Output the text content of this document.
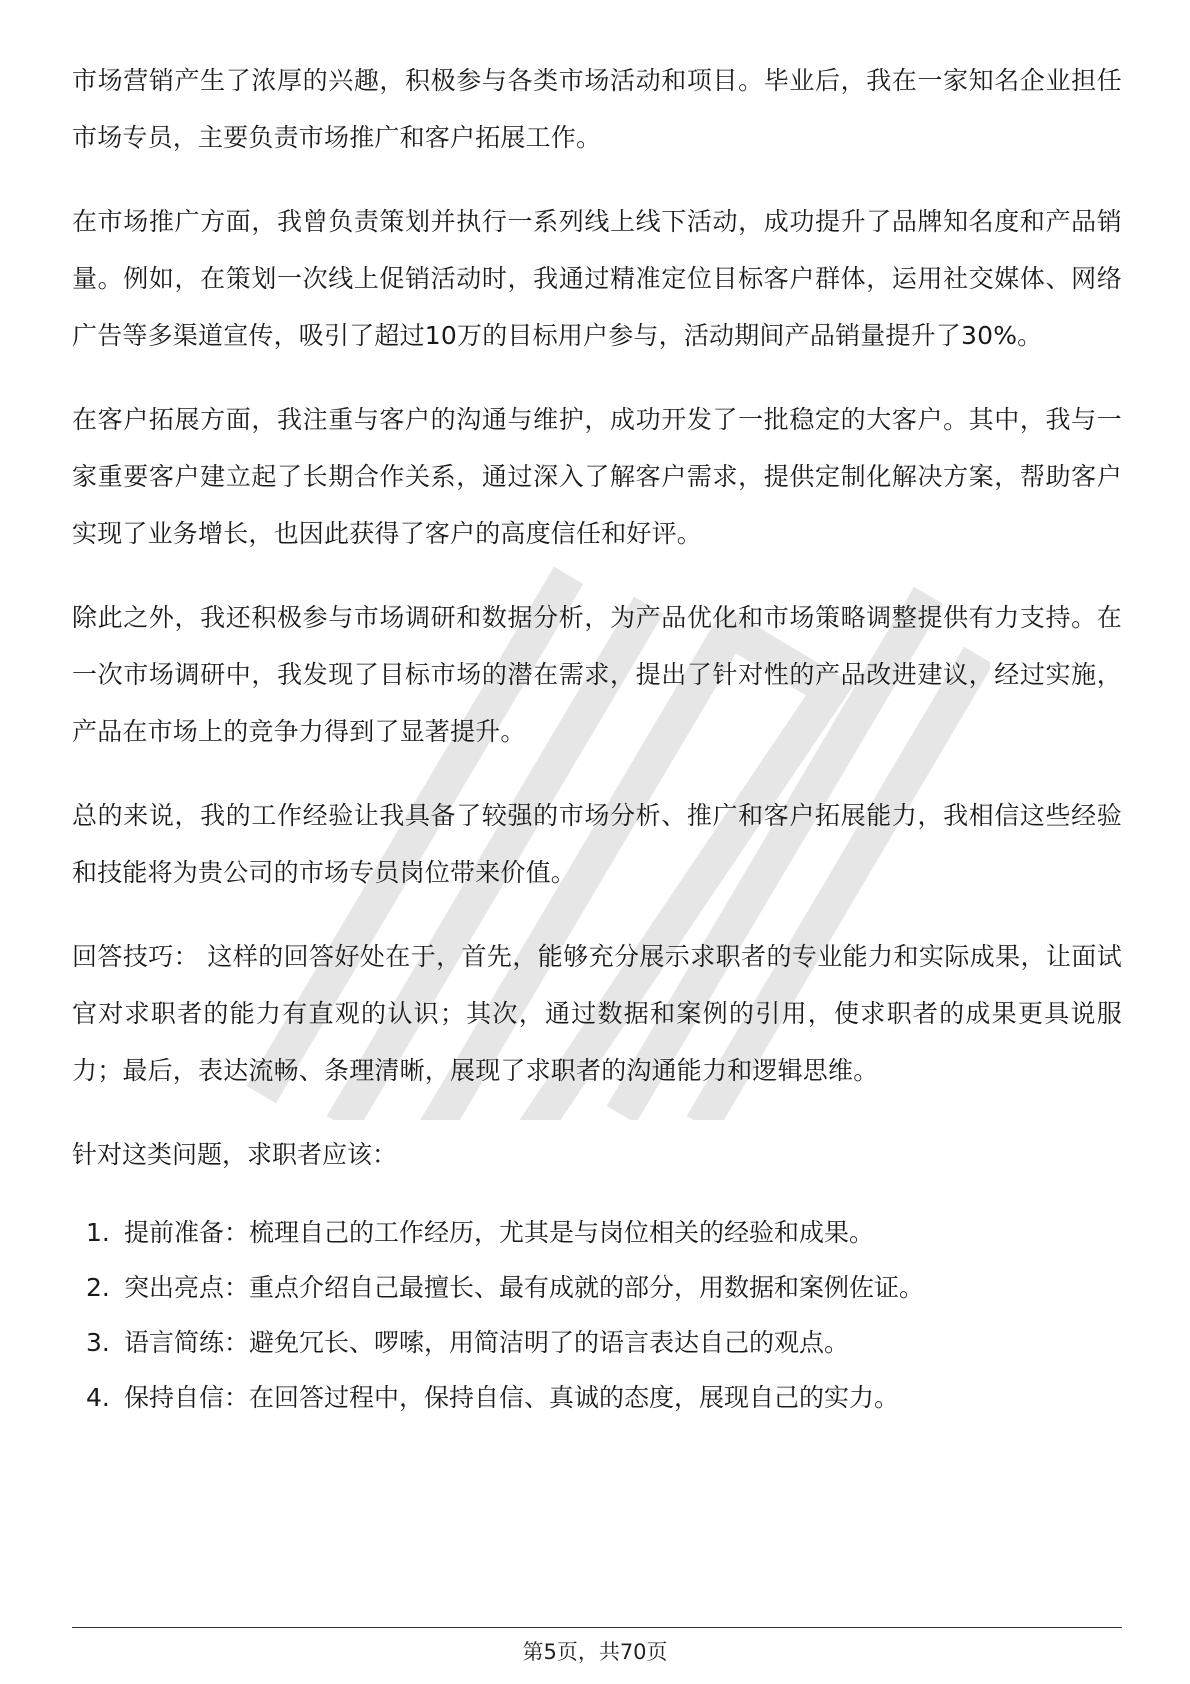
市场营销产生了浓厚的兴趣，积极参与各类市场活动和项目。毕业后，我在一家知名企业担任市场专员，主要负责市场推广和客户拓展工作。

在市场推广方面，我曾负责策划并执行一系列线上线下活动，成功提升了品牌知名度和产品销量。例如，在策划一次线上促销活动时，我通过精准定位目标客户群体，运用社交媒体、网络广告等多渠道宣传，吸引了超过10万的目标用户参与，活动期间产品销量提升了30%。

在客户拓展方面，我注重与客户的沟通与维护，成功开发了一批稳定的大客户。其中，我与一家重要客户建立起了长期合作关系，通过深入了解客户需求，提供定制化解决方案，帮助客户实现了业务增长，也因此获得了客户的高度信任和好评。

除此之外，我还积极参与市场调研和数据分析，为产品优化和市场策略调整提供有力支持。在一次市场调研中，我发现了目标市场的潜在需求，提出了针对性的产品改进建议，经过实施，产品在市场上的竞争力得到了显著提升。

总的来说，我的工作经验让我具备了较强的市场分析、推广和客户拓展能力，我相信这些经验和技能将为贵公司的市场专员岗位带来价值。

回答技巧： 这样的回答好处在于，首先，能够充分展示求职者的专业能力和实际成果，让面试官对求职者的能力有直观的认识；其次，通过数据和案例的引用，使求职者的成果更具说服力；最后，表达流畅、条理清晰，展现了求职者的沟通能力和逻辑思维。

针对这类问题，求职者应该：

1. 提前准备：梳理自己的工作经历，尤其是与岗位相关的经验和成果。
2. 突出亮点：重点介绍自己最擅长、最有成就的部分，用数据和案例佐证。
3. 语言简练：避免冗长、啰嗦，用简洁明了的语言表达自己的观点。
4. 保持自信：在回答过程中，保持自信、真诚的态度，展现自己的实力。
第5页，共70页
